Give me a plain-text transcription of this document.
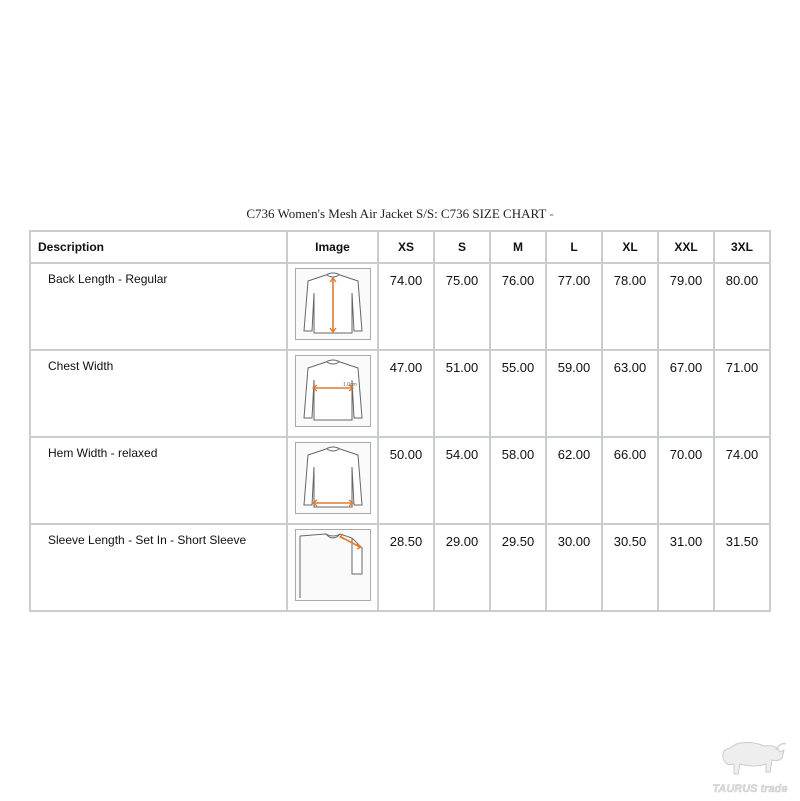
C736 Women's Mesh Air Jacket S/S: C736 SIZE CHART -
Description	Image	XS	S	M	L	XL	XXL	3XL
Back Length - Regular		74.00	75.00	76.00	77.00	78.00	79.00	80.00
Chest Width	1.0cm	47.00	51.00	55.00	59.00	63.00	67.00	71.00
Hem Width - relaxed		50.00	54.00	58.00	62.00	66.00	70.00	74.00
Sleeve Length - Set In - Short Sleeve		28.50	29.00	29.50	30.00	30.50	31.00	31.50
TAURUS trade
